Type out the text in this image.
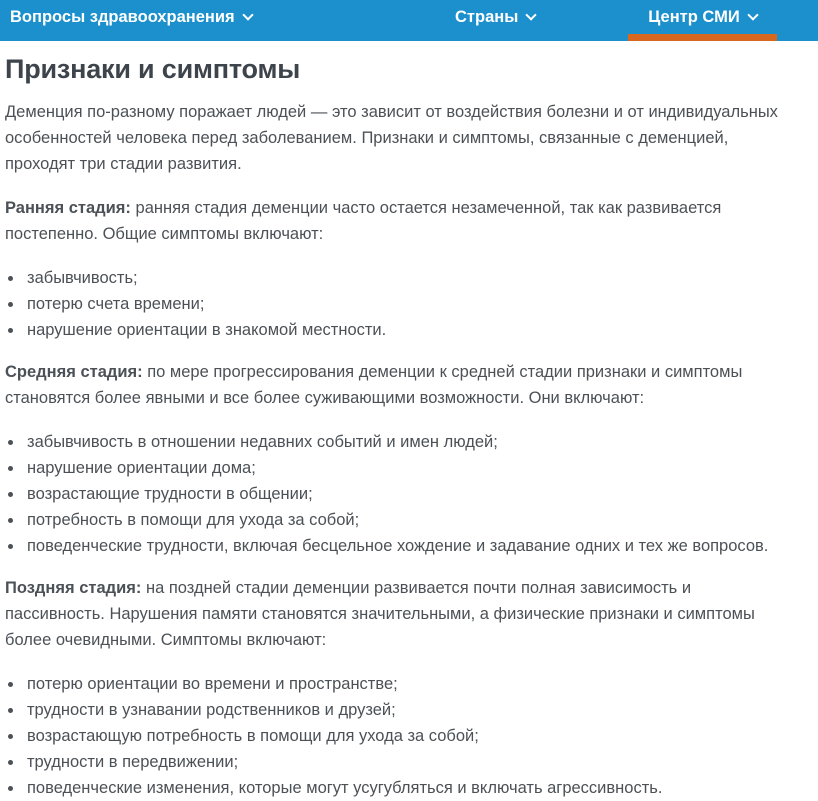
Вопросы здравоохранения	Страны	Центр СМИ
Признаки и симптомы

Деменция по-разному поражает людей — это зависит от воздействия болезни и от индивидуальных особенностей человека перед заболеванием. Признаки и симптомы, связанные с деменцией, проходят три стадии развития.

Ранняя стадия: ранняя стадия деменции часто остается незамеченной, так как развивается постепенно. Общие симптомы включают:

• забывчивость;
• потерю счета времени;
• нарушение ориентации в знакомой местности.

Средняя стадия: по мере прогрессирования деменции к средней стадии признаки и симптомы становятся более явными и все более суживающими возможности. Они включают:

• забывчивость в отношении недавних событий и имен людей;
• нарушение ориентации дома;
• возрастающие трудности в общении;
• потребность в помощи для ухода за собой;
• поведенческие трудности, включая бесцельное хождение и задавание одних и тех же вопросов.

Поздняя стадия: на поздней стадии деменции развивается почти полная зависимость и пассивность. Нарушения памяти становятся значительными, а физические признаки и симптомы более очевидными. Симптомы включают:

• потерю ориентации во времени и пространстве;
• трудности в узнавании родственников и друзей;
• возрастающую потребность в помощи для ухода за собой;
• трудности в передвижении;
• поведенческие изменения, которые могут усугубляться и включать агрессивность.
